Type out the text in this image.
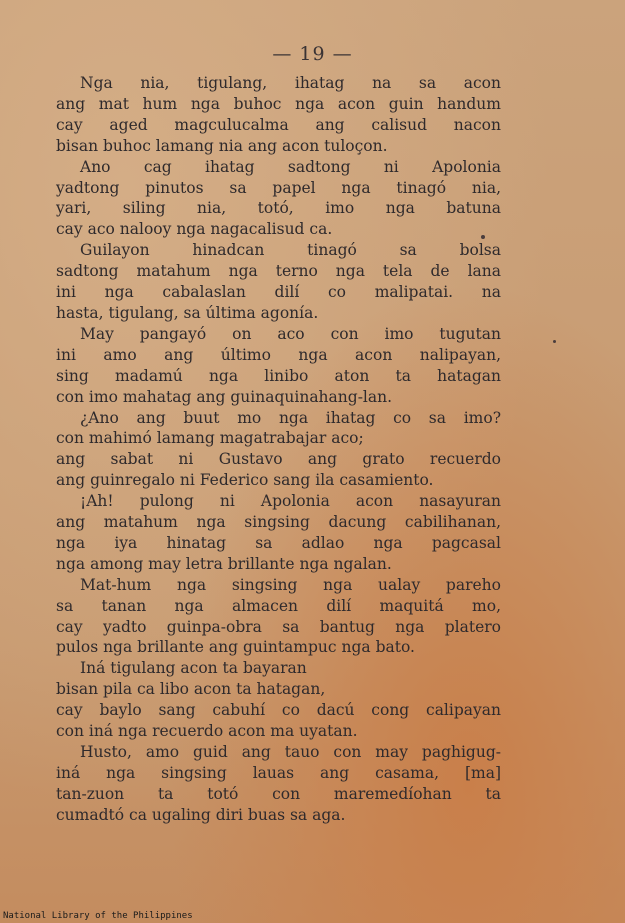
— 19 —
Nga nia, tigulang, ihatag na sa acon
ang mat hum nga buhoc nga acon guin handum
cay aged magculucalma ang calisud nacon
bisan buhoc lamang nia ang acon tuloçon.
Ano cag ihatag sadtong ni Apolonia
yadtong pinutos sa papel nga tinagó nia,
yari, siling nia, totó, imo nga batuna
cay aco nalooy nga nagacalisud ca.
Guilayon hinadcan tinagó sa bolsa
sadtong matahum nga terno nga tela de lana
ini nga cabalaslan dilí co malipatai. na
hasta, tigulang, sa última agonía.
May pangayó on aco con imo tugutan
ini amo ang último nga acon nalipayan,
sing madamú nga linibo aton ta hatagan
con imo mahatag ang guinaquinahang-lan.
¿Ano ang buut mo nga ihatag co sa imo?
con mahimó lamang magatrabajar aco;
ang sabat ni Gustavo ang grato recuerdo
ang guinregalo ni Federico sang ila casamiento.
¡Ah! pulong ni Apolonia acon nasayuran
ang matahum nga singsing dacung cabilihanan,
nga iya hinatag sa adlao nga pagcasal
nga among may letra brillante nga ngalan.
Mat-hum nga singsing nga ualay pareho
sa tanan nga almacen dilí maquitá mo,
cay yadto guinpa-obra sa bantug nga platero
pulos nga brillante ang guintampuc nga bato.
Iná tigulang acon ta bayaran
bisan pila ca libo acon ta hatagan,
cay baylo sang cabuhí co dacú cong calipayan
con iná nga recuerdo acon ma uyatan.
Husto, amo guid ang tauo con may paghigug-
iná nga singsing lauas ang casama, [ma]
tan-zuon ta totó con maremedíohan ta
cumadtó ca ugaling diri buas sa aga.
National Library of the Philippines
